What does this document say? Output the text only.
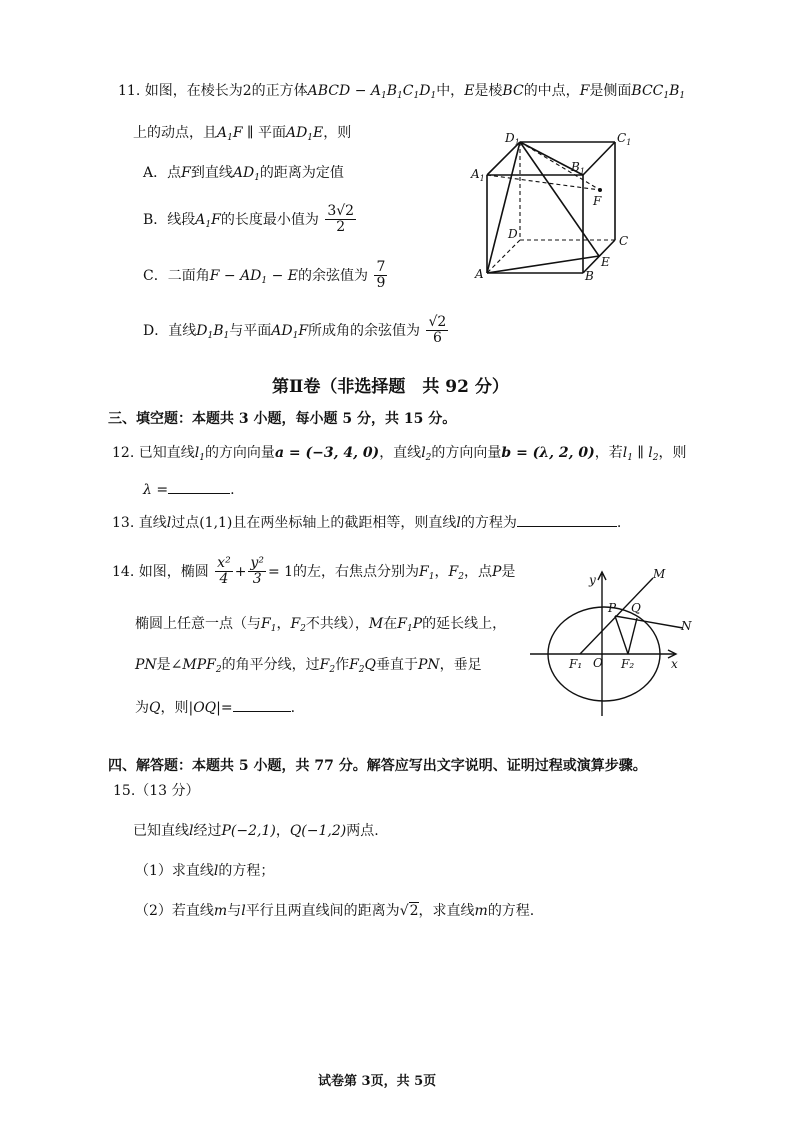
11. 如图，在棱长为2的正方体ABCD − $A_1B_1C_1D_1$中，E是棱BC的中点，F是侧面$BCC_1B_1$
上的动点，且$A_1F$ ∥ 平面$AD_1E$，则
A．点F到直线$AD_1$的距离为定值
B．线段$A_1F$的长度最小值为 $\frac{3√2}{2}$
C．二面角$F - AD_1 - E$的余弦值为 $\frac{7}{9}$
D．直线$D_1B_1$与平面$AD_1F$所成角的余弦值为 $\frac{√2}{6}$
$D_1$	$C_1$
$A_1$
$B_1$
F
D	C
A	B
E
第Ⅱ卷（非选择题　共 92 分）
三、填空题：本题共 3 小题，每小题 5 分，共 15 分。
12. 已知直线$l_1$的方向向量a = (−3, 4, 0)，直线$l_2$的方向向量b = (λ, 2, 0)，若$l_1$ ∥ $l_2$，则
λ =	.
13. 直线l过点(1,1)且在两坐标轴上的截距相等，则直线l的方程为	.
14. 如图，椭圆 $\frac{\text{x²}}{4} + \frac{\text{y²}}{3} = 1$的左，右焦点分别为$F_1$，$F_2$，点P是
椭圆上任意一点（与$F_1$，$F_2$不共线），M在$F_1P$的延长线上，
PN是$\angle MPF_2$的角平分线，过$F_2$作$F_2Q$垂直于PN，垂足
为Q，则|OQ|=	.
y
x
M
P Q
N
F₁ O F₂
四、解答题：本题共 5 小题，共 77 分。解答应写出文字说明、证明过程或演算步骤。
15.（13 分）
已知直线l经过P(−2,1)，Q(−1,2)两点.
（1）求直线l的方程；
（2）若直线m与l平行且两直线间的距离为√2，求直线m的方程.
试卷第 3页，共 5页
